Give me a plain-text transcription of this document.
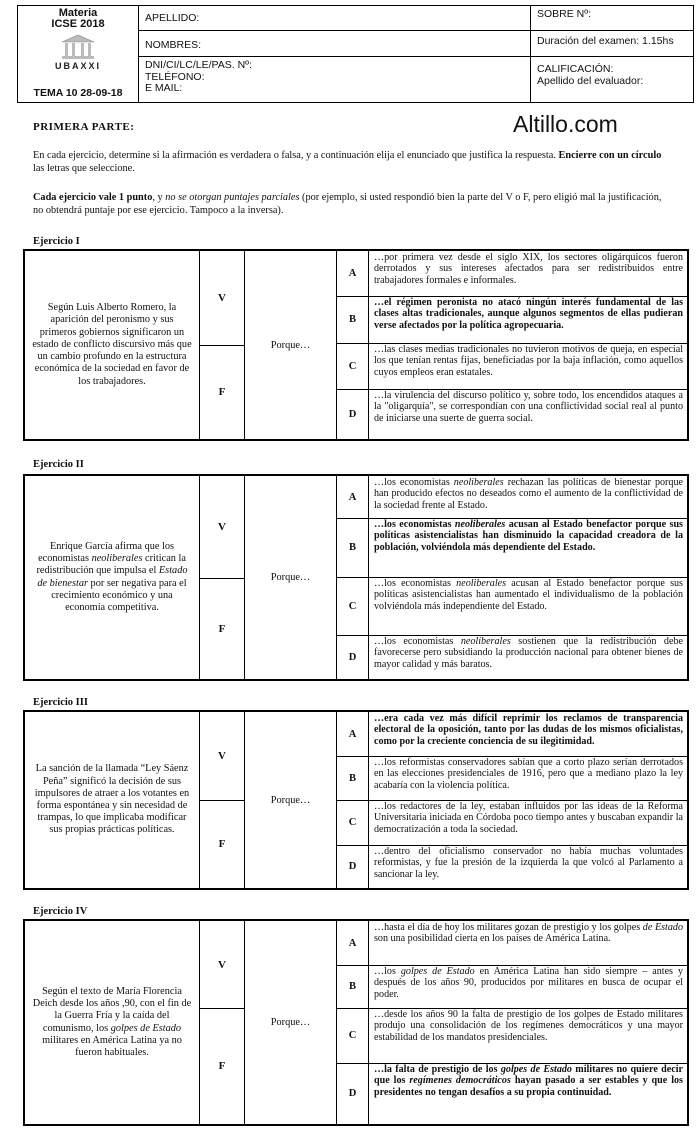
Materia
ICSE 2018
UBAXXI
TEMA 10 28-09-18
APELLIDO:
NOMBRES:
DNI/CI/LC/LE/PAS. Nº:
TELÉFONO:
E MAIL:
SOBRE Nº:
Duración del examen: 1.15hs
CALIFICACIÓN:
Apellido del evaluador:
Altillo.com
PRIMERA PARTE:
En cada ejercicio, determine si la afirmación es verdadera o falsa, y a continuación elija el enunciado que justifica la respuesta. Encierre con un círculo las letras que seleccione.
Cada ejercicio vale 1 punto, y no se otorgan puntajes parciales (por ejemplo, si usted respondió bien la parte del V o F, pero eligió mal la justificación, no obtendrá puntaje por ese ejercicio. Tampoco a la inversa).
Ejercicio I
Según Luis Alberto Romero, la aparición del peronismo y sus primeros gobiernos significaron un estado de conflicto discursivo más que un cambio profundo en la estructura económica de la sociedad en favor de los trabajadores.
V
F
Porque…
A
…por primera vez desde el siglo XIX, los sectores oligárquicos fueron derrotados y sus intereses afectados para ser redistribuidos entre trabajadores formales e informales.
B
…el régimen peronista no atacó ningún interés fundamental de las clases altas tradicionales, aunque algunos segmentos de ellas pudieran verse afectados por la política agropecuaria.
C
…las clases medias tradicionales no tuvieron motivos de queja, en especial los que tenían rentas fijas, beneficiadas por la baja inflación, como aquellos cuyos empleos eran estatales.
D
…la virulencia del discurso político y, sobre todo, los encendidos ataques a la "oligarquía", se correspondían con una conflictividad social real al punto de iniciarse una suerte de guerra social.
Ejercicio II
Enrique García afirma que los economistas neoliberales critican la redistribución que impulsa el Estado de bienestar por ser negativa para el crecimiento económico y una economía competitiva.
V
F
Porque…
A
…los economistas neoliberales rechazan las políticas de bienestar porque han producido efectos no deseados como el aumento de la conflictividad de la sociedad frente al Estado.
B
…los economistas neoliberales acusan al Estado benefactor porque sus políticas asistencialistas han disminuido la capacidad creadora de la población, volviéndola más dependiente del Estado.
C
…los economistas neoliberales acusan al Estado benefactor porque sus políticas asistencialistas han aumentado el individualismo de la población volviéndola más independiente del Estado.
D
…los economistas neoliberales sostienen que la redistribución debe favorecerse pero subsidiando la producción nacional para obtener bienes de mayor calidad y más baratos.
Ejercicio III
La sanción de la llamada “Ley Sáenz Peña” significó la decisión de sus impulsores de atraer a los votantes en forma espontánea y sin necesidad de trampas, lo que implicaba modificar sus propias prácticas políticas.
V
F
Porque…
A
…era cada vez más difícil reprimir los reclamos de transparencia electoral de la oposición, tanto por las dudas de los mismos oficialistas, como por la creciente conciencia de su ilegitimidad.
B
…los reformistas conservadores sabían que a corto plazo serían derrotados en las elecciones presidenciales de 1916, pero que a mediano plazo la ley acabaría con la violencia política.
C
…los redactores de la ley, estaban influidos por las ideas de la Reforma Universitaria iniciada en Córdoba poco tiempo antes y buscaban expandir la democratización a toda la sociedad.
D
…dentro del oficialismo conservador no había muchas voluntades reformistas, y fue la presión de la izquierda la que volcó al Parlamento a sancionar la ley.
Ejercicio IV
Según el texto de María Florencia Deich desde los años ,90, con el fin de la Guerra Fría y la caída del comunismo, los golpes de Estado militares en América Latina ya no fueron habituales.
V
F
Porque…
A
…hasta el día de hoy los militares gozan de prestigio y los golpes de Estado son una posibilidad cierta en los países de América Latina.
B
…los golpes de Estado en América Latina han sido siempre – antes y después de los años 90, producidos por militares en busca de ocupar el poder.
C
…desde los años 90 la falta de prestigio de los golpes de Estado militares produjo una consolidación de los regímenes democráticos y una mayor estabilidad de los mandatos presidenciales.
D
…la falta de prestigio de los golpes de Estado militares no quiere decir que los regímenes democráticos hayan pasado a ser estables y que los presidentes no tengan desafíos a su propia continuidad.
